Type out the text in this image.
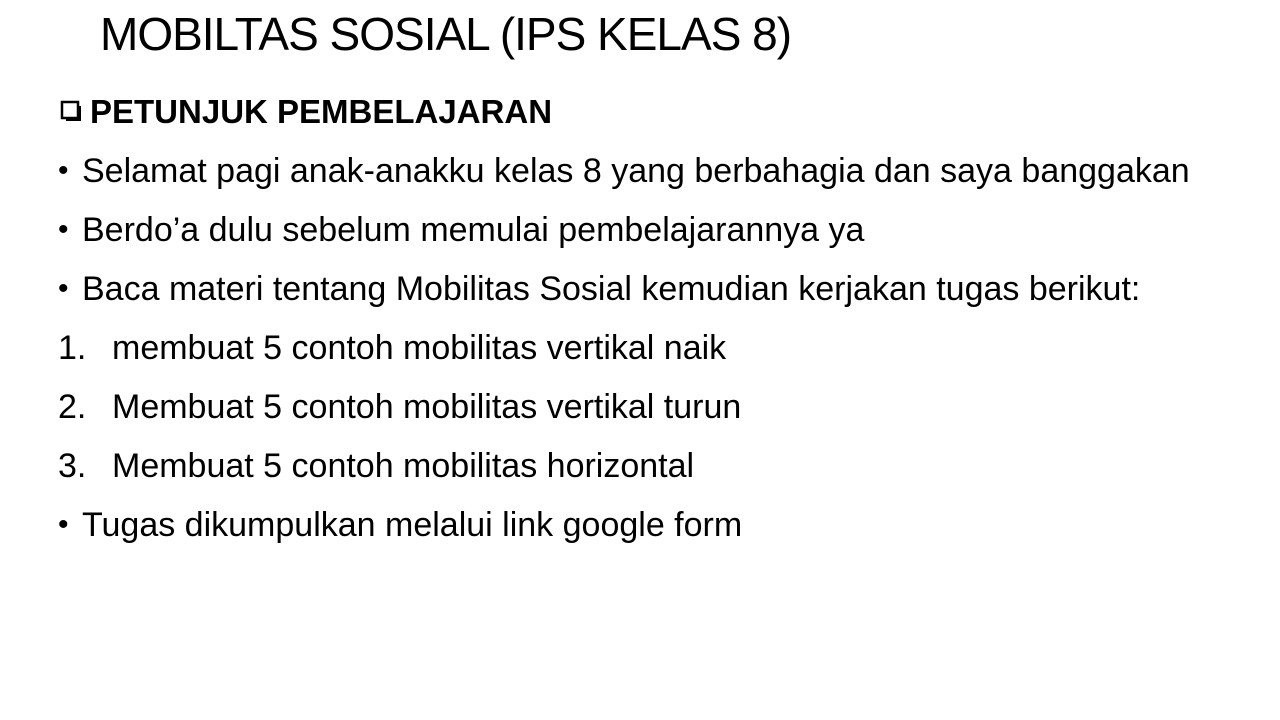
MOBILTAS SOSIAL (IPS KELAS 8)
PETUNJUK PEMBELAJARAN
• Selamat pagi anak-anakku kelas 8 yang berbahagia dan saya banggakan
• Berdo’a dulu sebelum memulai pembelajarannya ya
• Baca materi tentang Mobilitas Sosial kemudian kerjakan tugas berikut:
1. membuat 5 contoh mobilitas vertikal naik
2. Membuat 5 contoh mobilitas vertikal turun
3. Membuat 5 contoh mobilitas horizontal
• Tugas dikumpulkan melalui link google form
